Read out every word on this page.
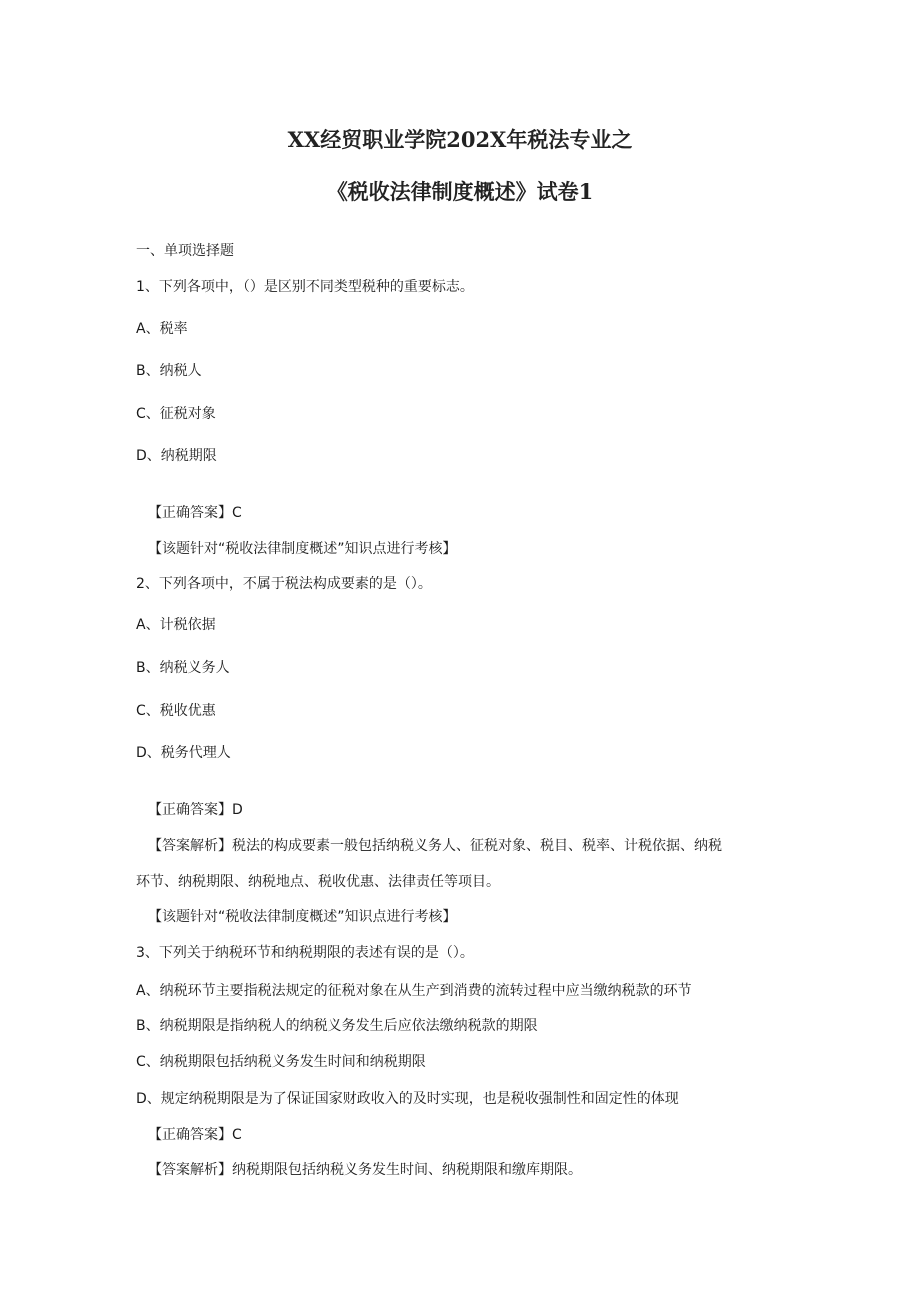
XX经贸职业学院202X年税法专业之
《税收法律制度概述》试卷1
一、单项选择题
1、下列各项中，（）是区别不同类型税种的重要标志。
A、税率
B、纳税人
C、征税对象
D、纳税期限
【正确答案】C
【该题针对“税收法律制度概述”知识点进行考核】
2、下列各项中，不属于税法构成要素的是（）。
A、计税依据
B、纳税义务人
C、税收优惠
D、税务代理人
【正确答案】D
【答案解析】税法的构成要素一般包括纳税义务人、征税对象、税目、税率、计税依据、纳税
环节、纳税期限、纳税地点、税收优惠、法律责任等项目。
【该题针对“税收法律制度概述”知识点进行考核】
3、下列关于纳税环节和纳税期限的表述有误的是（）。
A、纳税环节主要指税法规定的征税对象在从生产到消费的流转过程中应当缴纳税款的环节
B、纳税期限是指纳税人的纳税义务发生后应依法缴纳税款的期限
C、纳税期限包括纳税义务发生时间和纳税期限
D、规定纳税期限是为了保证国家财政收入的及时实现，也是税收强制性和固定性的体现
【正确答案】C
【答案解析】纳税期限包括纳税义务发生时间、纳税期限和缴库期限。
